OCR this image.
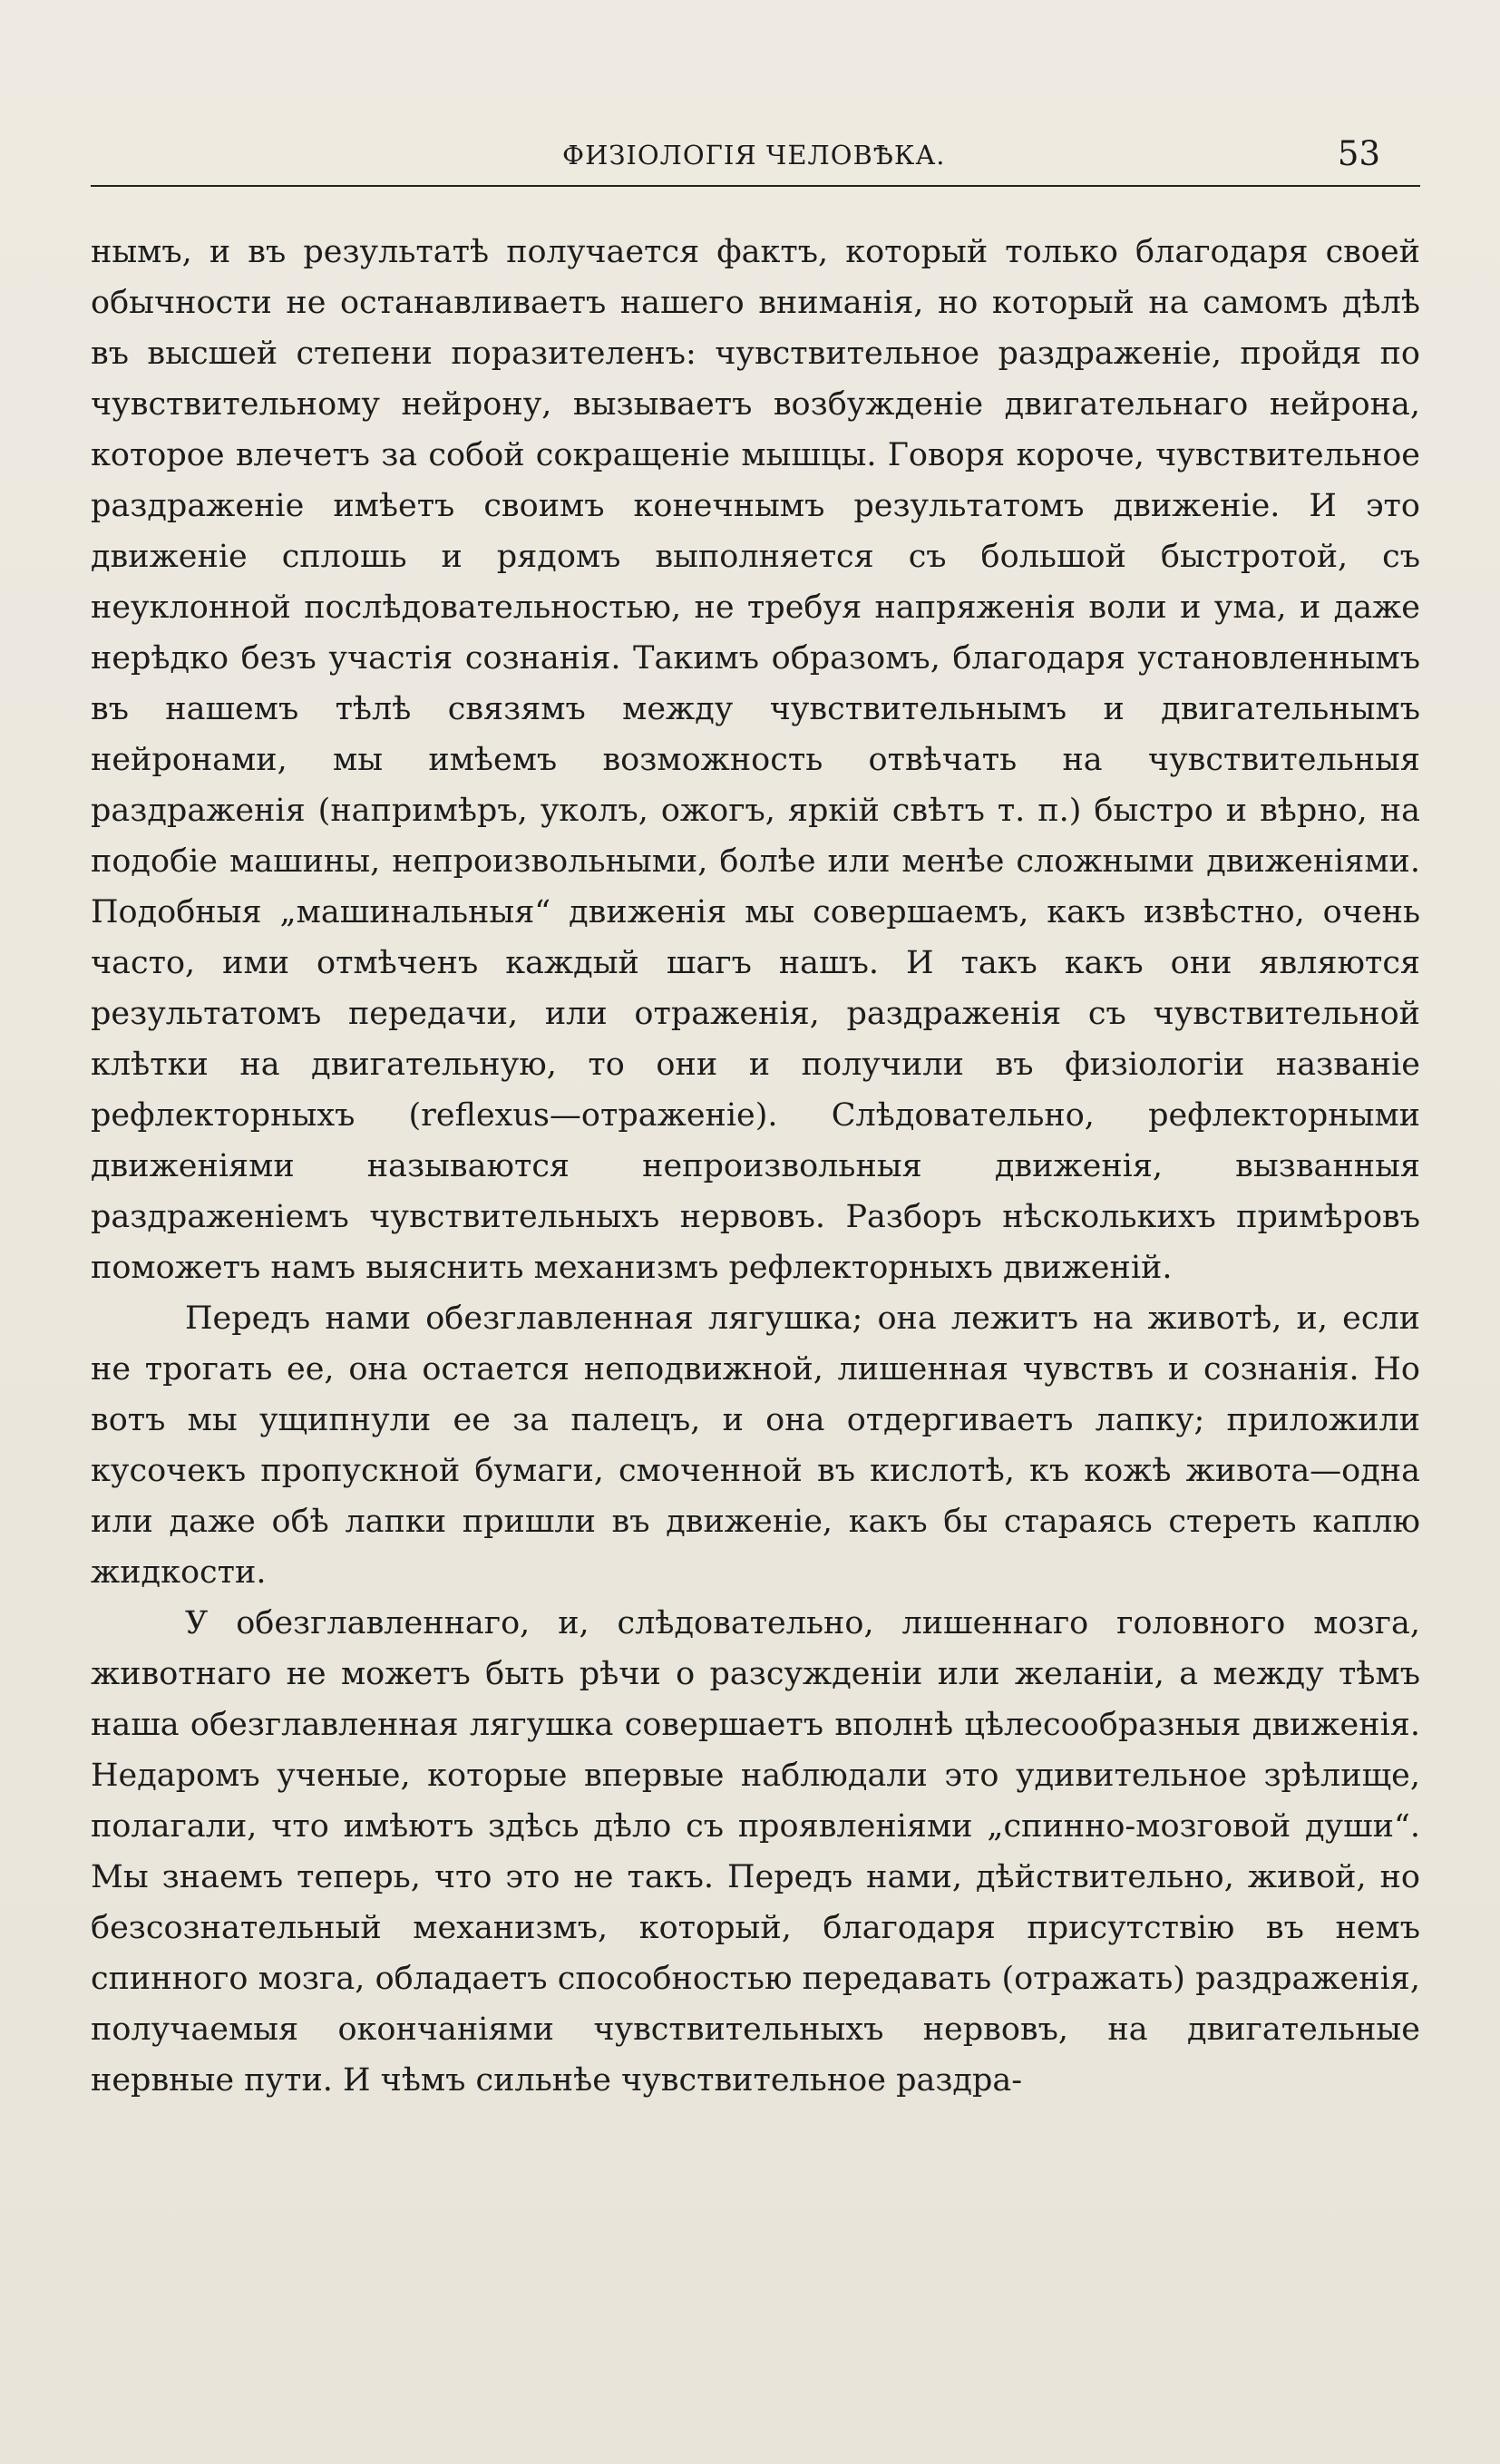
ФИЗІОЛОГІЯ ЧЕЛОВѢКА.	53

нымъ, и въ результатѣ получается фактъ, который только благодаря своей обычности не останавливаетъ нашего вниманія, но который на самомъ дѣлѣ въ высшей степени поразителенъ: чувствительное раздраженіе, пройдя по чувствительному нейрону, вызываетъ возбужденіе двигательнаго нейрона, которое влечетъ за собой сокращеніе мышцы. Говоря короче, чувствительное раздраженіе имѣетъ своимъ конечнымъ результатомъ движеніе. И это движеніе сплошь и рядомъ выполняется съ большой быстротой, съ неуклонной послѣдовательностью, не требуя напряженія воли и ума, и даже нерѣдко безъ участія сознанія. Такимъ образомъ, благодаря установленнымъ въ нашемъ тѣлѣ связямъ между чувствительнымъ и двигательнымъ нейронами, мы имѣемъ возможность отвѣчать на чувствительныя раздраженія (напримѣръ, уколъ, ожогъ, яркій свѣтъ т. п.) быстро и вѣрно, на подобіе машины, непроизвольными, болѣе или менѣе сложными движеніями. Подобныя „машинальныя“ движенія мы совершаемъ, какъ извѣстно, очень часто, ими отмѣченъ каждый шагъ нашъ. И такъ какъ они являются результатомъ передачи, или отраженія, раздраженія съ чувствительной клѣтки на двигательную, то они и получили въ физіологіи названіе рефлекторныхъ (reflexus—отраженіе). Слѣдовательно, рефлекторными движеніями называются непроизвольныя движенія, вызванныя раздраженіемъ чувствительныхъ нервовъ. Разборъ нѣсколькихъ примѣровъ поможетъ намъ выяснить механизмъ рефлекторныхъ движеній.

Передъ нами обезглавленная лягушка; она лежитъ на животѣ, и, если не трогать ее, она остается неподвижной, лишенная чувствъ и сознанія. Но вотъ мы ущипнули ее за палецъ, и она отдергиваетъ лапку; приложили кусочекъ пропускной бумаги, смоченной въ кислотѣ, къ кожѣ живота—одна или даже обѣ лапки пришли въ движеніе, какъ бы стараясь стереть каплю жидкости.

У обезглавленнаго, и, слѣдовательно, лишеннаго головного мозга, животнаго не можетъ быть рѣчи о разсужденіи или желаніи, а между тѣмъ наша обезглавленная лягушка совершаетъ вполнѣ цѣлесообразныя движенія. Недаромъ ученые, которые впервые наблюдали это удивительное зрѣлище, полагали, что имѣютъ здѣсь дѣло съ проявленіями „спинно-мозговой души“. Мы знаемъ теперь, что это не такъ. Передъ нами, дѣйствительно, живой, но безсознательный механизмъ, который, благодаря присутствію въ немъ спинного мозга, обладаетъ способностью передавать (отражать) раздраженія, получаемыя окончаніями чувствительныхъ нервовъ, на двигательные нервные пути. И чѣмъ сильнѣе чувствительное раздра-
